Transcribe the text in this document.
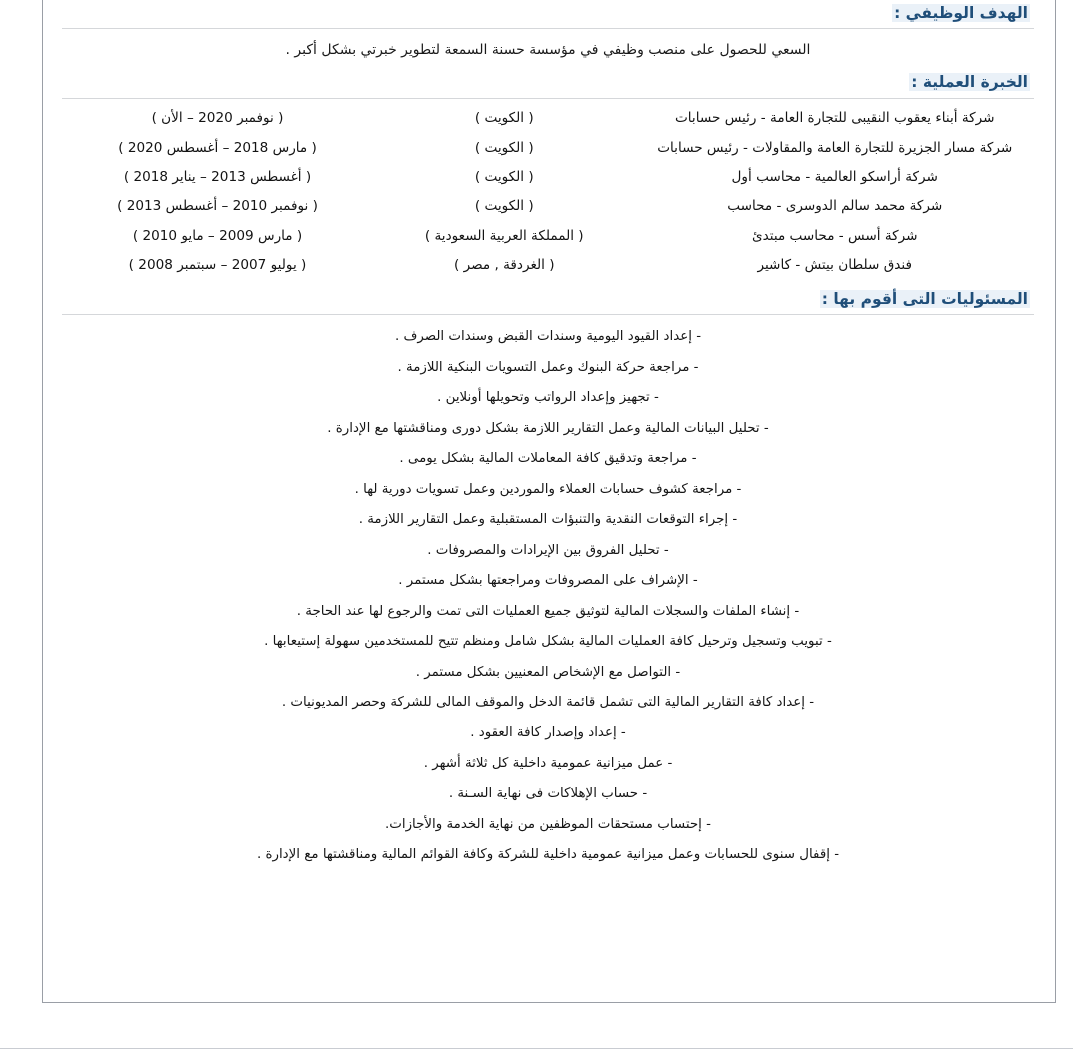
الهدف الوظيفي :
السعي للحصول على منصب وظيفي في مؤسسة حسنة السمعة لتطوير خبرتي بشكل أكبر .
الخبرة العملية :
شركة أبناء يعقوب النقيبى للتجارة العامة - رئيس حسابات	( الكويت )	( نوفمبر 2020 – الأن )
شركة مسار الجزيرة للتجارة العامة والمقاولات - رئيس حسابات	( الكويت )	( مارس 2018 – أغسطس 2020 )
شركة أراسكو العالمية - محاسب أول	( الكويت )	( أغسطس 2013 – يناير 2018 )
شركة محمد سالم الدوسرى - محاسب	( الكويت )	( نوفمبر 2010 – أغسطس 2013 )
شركة أسس - محاسب مبتدئ	( المملكة العربية السعودية )	( مارس 2009 – مايو 2010 )
فندق سلطان بيتش - كاشير	( الغردقة , مصر )	( يوليو 2007 – سبتمبر 2008 )
المسئوليات التى أقوم بها :
- إعداد القيود اليومية وسندات القبض وسندات الصرف .
- مراجعة حركة البنوك وعمل التسويات البنكية اللازمة .
- تجهيز وإعداد الرواتب وتحويلها أونلاين .
- تحليل البيانات المالية وعمل التقارير اللازمة بشكل دورى ومناقشتها مع الإدارة .
- مراجعة وتدقيق كافة المعاملات المالية بشكل يومى .
- مراجعة كشوف حسابات العملاء والموردين وعمل تسويات دورية لها .
- إجراء التوقعات النقدية والتنبؤات المستقبلية وعمل التقارير اللازمة .
- تحليل الفروق بين الإيرادات والمصروفات .
- الإشراف على المصروفات ومراجعتها بشكل مستمر .
- إنشاء الملفات والسجلات المالية لتوثيق جميع العمليات التى تمت والرجوع لها عند الحاجة .
- تبويب وتسجيل وترحيل كافة العمليات المالية بشكل شامل ومنظم تتيح للمستخدمين سهولة إستيعابها .
- التواصل مع الإشخاص المعنيين بشكل مستمر .
- إعداد كافة التقارير المالية التى تشمل قائمة الدخل والموقف المالى للشركة وحصر المديونيات .
- إعداد وإصدار كافة العقود .
- عمل ميزانية عمومية داخلية كل ثلاثة أشهر .
- حساب الإهلاكات فى نهاية السـنة .
- إحتساب مستحقات الموظفين من نهاية الخدمة والأجازات.
- إقفال سنوى للحسابات وعمل ميزانية عمومية داخلية للشركة وكافة القوائم المالية ومناقشتها مع الإدارة .
